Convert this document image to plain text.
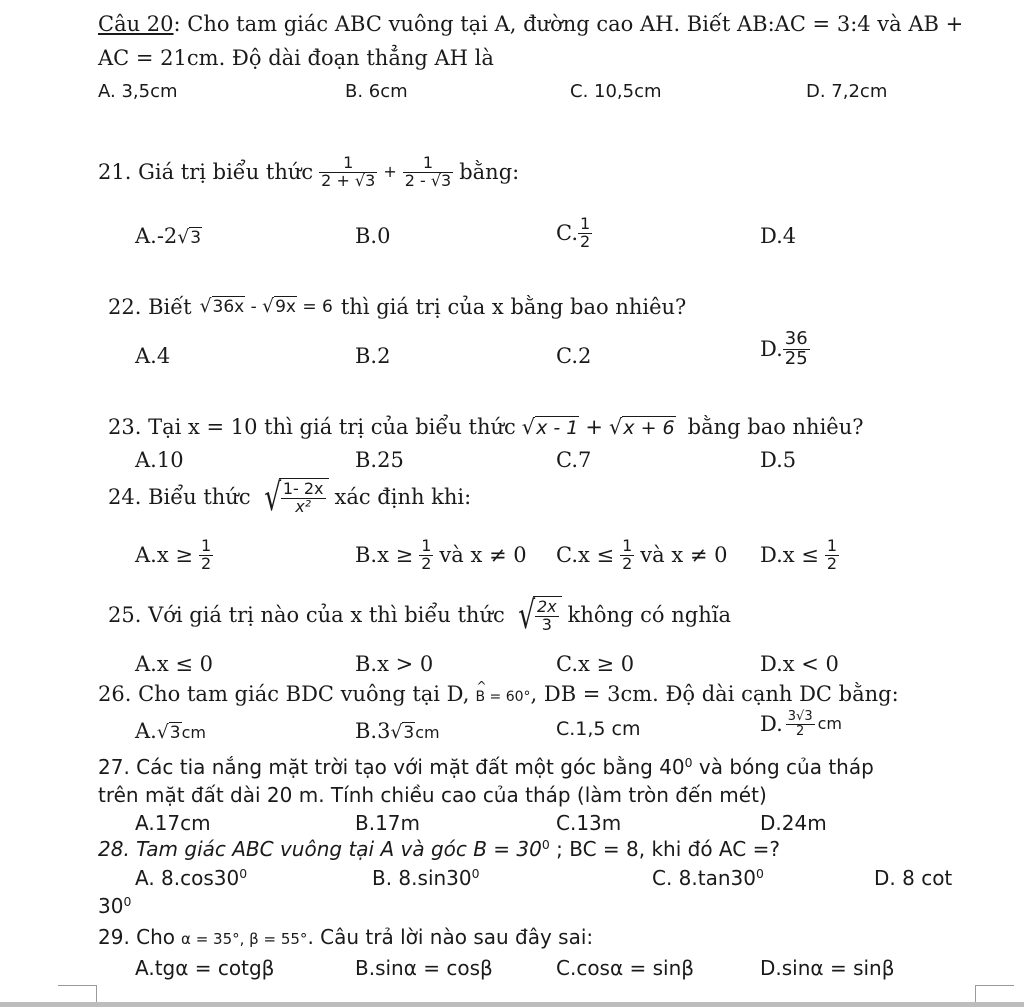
Câu 20: Cho tam giác ABC vuông tại A, đường cao AH. Biết AB:AC = 3:4 và AB +
AC = 21cm. Độ dài đoạn thẳng AH là
A. 3,5cm	B. 6cm	C. 10,5cm	D. 7,2cm
21. Giá trị biểu thức $\frac{1}{2 + √3} + \frac{1}{2 - √3}$ bằng:
A.-2√3	B.0	C. $\frac{1}{2}$	D.4
22. Biết √36x - √9x = 6 thì giá trị của x bằng bao nhiêu?
A.4	B.2	C.2	D. $\frac{36}{25}$
23. Tại x = 10 thì giá trị của biểu thức √x - 1 + √x + 6 bằng bao nhiêu?
A.10	B.25	C.7	D.5
24. Biểu thức √ $\frac{1- 2x}{\text{x²}}$ xác định khi:
$A.x \ge \frac{1}{2}$	$B.x \ge \frac{1}{2}$ và x ≠ 0 $C.x \le \frac{1}{2}$ và x ≠ 0 $D.x \le \frac{1}{2}$
25. Với giá trị nào của x thì biểu thức √ $\frac{2x}{3}$ không có nghĩa
A.x ≤ 0	B.x > 0	C.x ≥ 0	D.x < 0
26. Cho tam giác BDC vuông tại D,
^ B = 60° , DB = 3cm. Độ dài cạnh DC bằng:
A.√3cm	B.3√3cm	C.1,5 cm	D. $\frac{3√3}{2}$ cm
27. Các tia nắng mặt trời tạo với mặt đất một góc bằng $40^0$ và bóng của tháp
trên mặt đất dài 20 m. Tính chiều cao của tháp (làm tròn đến mét)
A.17cm	B.17m	C.13m	D.24m
28. Tam giác ABC vuông tại A và góc $B = 30^0$ ; BC = 8, khi đó AC =?
A. $8.\cos 30^0$	B. $8.\sin 30^0$	C. $8.\tan 30^0$	D. 8 cot
$30^0$
29. Cho α = 35°, β = 55° . Câu trả lời nào sau đây sai:
A.tgα = cotgβ	B.sinα = cosβ	C.cosα = sinβ	D.sinα = sinβ
